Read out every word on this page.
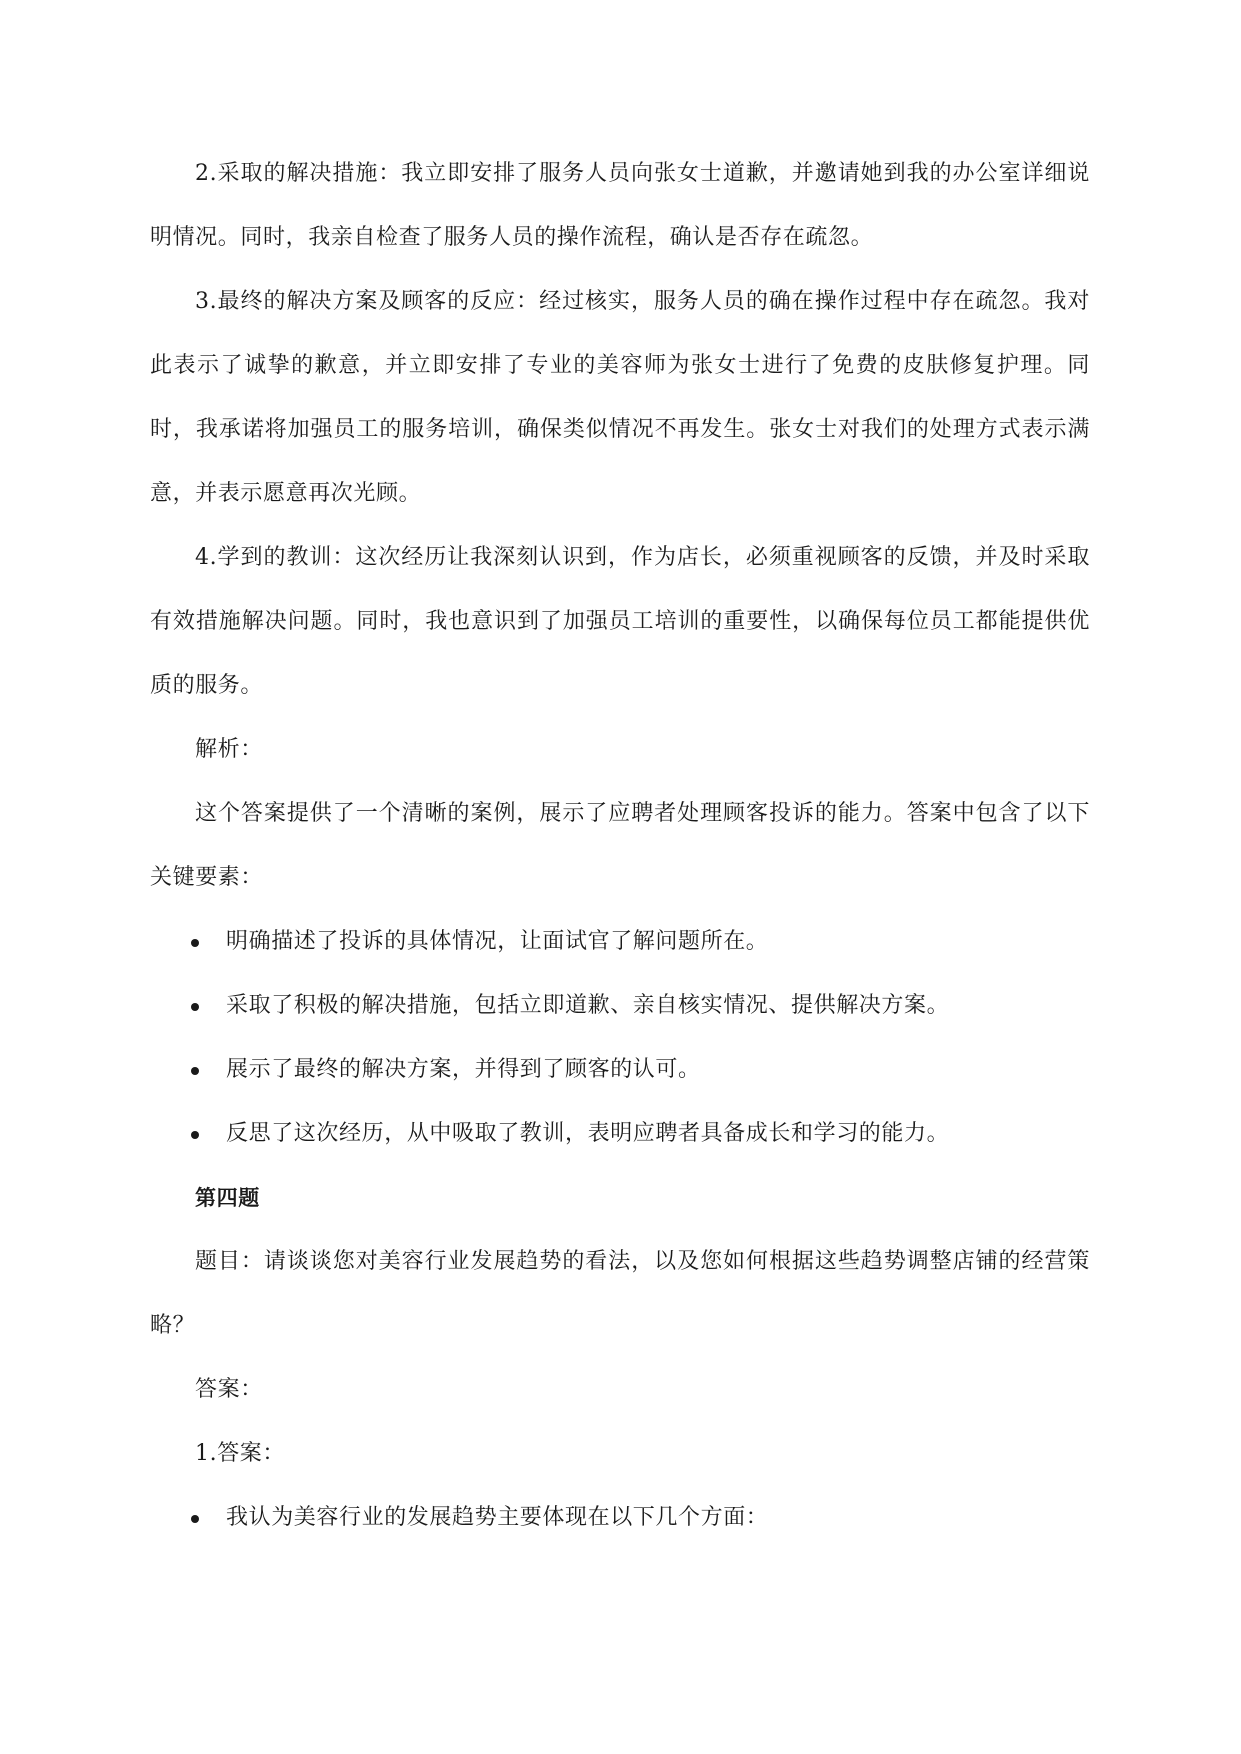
2.采取的解决措施：我立即安排了服务人员向张女士道歉，并邀请她到我的办公室详细说明情况。同时，我亲自检查了服务人员的操作流程，确认是否存在疏忽。

3.最终的解决方案及顾客的反应：经过核实，服务人员的确在操作过程中存在疏忽。我对此表示了诚挚的歉意，并立即安排了专业的美容师为张女士进行了免费的皮肤修复护理。同时，我承诺将加强员工的服务培训，确保类似情况不再发生。张女士对我们的处理方式表示满意，并表示愿意再次光顾。

4.学到的教训：这次经历让我深刻认识到，作为店长，必须重视顾客的反馈，并及时采取有效措施解决问题。同时，我也意识到了加强员工培训的重要性，以确保每位员工都能提供优质的服务。

解析：

这个答案提供了一个清晰的案例，展示了应聘者处理顾客投诉的能力。答案中包含了以下关键要素：

明确描述了投诉的具体情况，让面试官了解问题所在。
采取了积极的解决措施，包括立即道歉、亲自核实情况、提供解决方案。
展示了最终的解决方案，并得到了顾客的认可。
反思了这次经历，从中吸取了教训，表明应聘者具备成长和学习的能力。

第四题

题目：请谈谈您对美容行业发展趋势的看法，以及您如何根据这些趋势调整店铺的经营策略？

答案：

1.答案：

我认为美容行业的发展趋势主要体现在以下几个方面：
